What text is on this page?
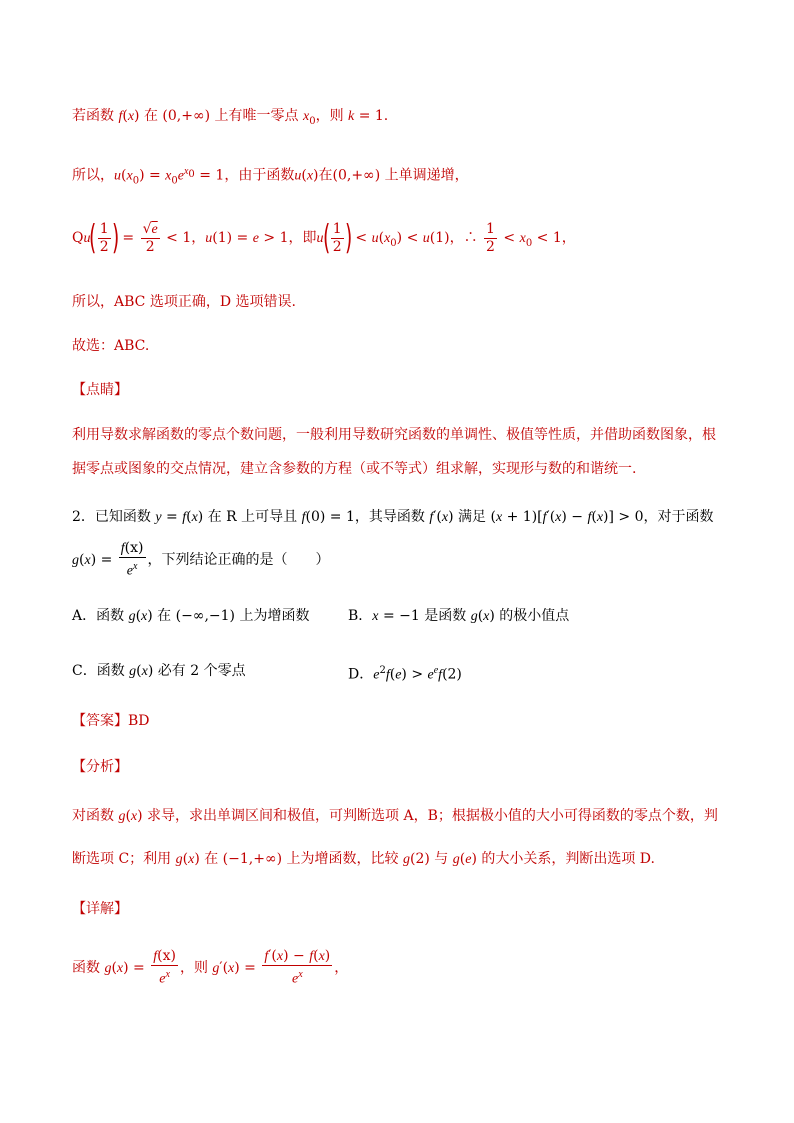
若函数 f(x) 在 (0,+∞) 上有唯一零点 $x_0$，则 k = 1.
所以，$u(x_0) = x_0e^{x_0} = 1$，由于函数u(x)在(0,+∞) 上单调递增，
$Qu( \frac{1}{2}$ ) = $\frac{√e}{2} < 1$，u(1) = e > 1，即$u( \frac{1}{2}$ ) < $u(x_0) < u(1)$，∴ $\frac{1}{2} < x_0 < 1$，
所以，ABC 选项正确，D 选项错误.
故选：ABC.
【点睛】
利用导数求解函数的零点个数问题，一般利用导数研究函数的单调性、极值等性质，并借助函数图象，根
据零点或图象的交点情况，建立含参数的方程（或不等式）组求解，实现形与数的和谐统一.
2．已知函数 y = f(x) 在 R 上可导且 f(0) = 1，其导函数 f′(x) 满足 (x + 1)[f′(x) − f(x)] > 0，对于函数
$g(x) = \frac{f(x)}{e^x}$ ，下列结论正确的是（　　）
A．函数 g(x) 在 (−∞,−1) 上为增函数	B．x = −1 是函数 g(x) 的极小值点
C．函数 g(x) 必有 2 个零点	D．$e^2f(e) > e^ef(2)$
【答案】BD
【分析】
对函数 g(x) 求导，求出单调区间和极值，可判断选项 A，B；根据极小值的大小可得函数的零点个数，判
断选项 C；利用 g(x) 在 (−1,+∞) 上为增函数，比较 g(2) 与 g(e) 的大小关系，判断出选项 D.
【详解】
函数 $g(x) = \frac{f(x)}{e^x}$ ，则 $g'(x) = \frac{f'(x) - f(x)}{e^x}$ ，
